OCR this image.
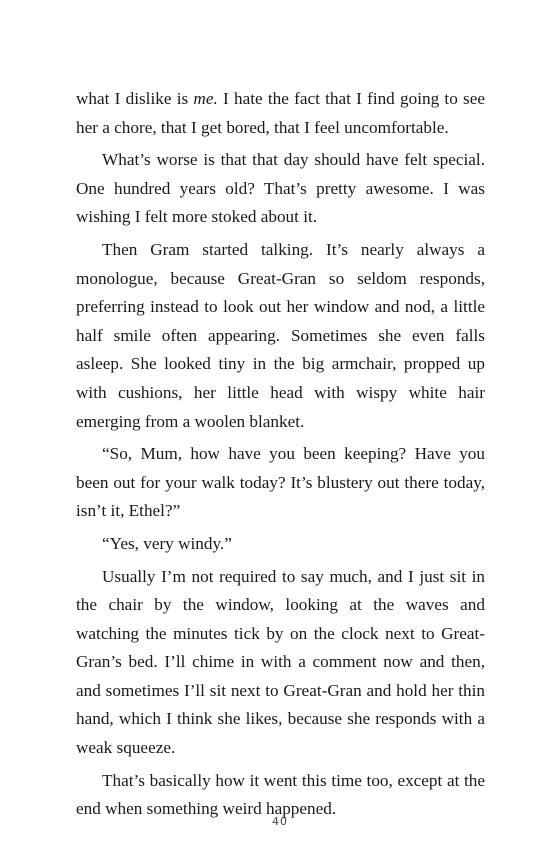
what I dislike is me. I hate the fact that I find going to see her a chore, that I get bored, that I feel uncomfortable.

What’s worse is that that day should have felt special. One hundred years old? That’s pretty awesome. I was wishing I felt more stoked about it.

Then Gram started talking. It’s nearly always a monologue, because Great-Gran so seldom responds, preferring instead to look out her window and nod, a little half smile often appearing. Sometimes she even falls asleep. She looked tiny in the big armchair, propped up with cushions, her little head with wispy white hair emerging from a woolen blanket.

“So, Mum, how have you been keeping? Have you been out for your walk today? It’s blustery out there today, isn’t it, Ethel?”

“Yes, very windy.”

Usually I’m not required to say much, and I just sit in the chair by the window, looking at the waves and watching the minutes tick by on the clock next to Great-Gran’s bed. I’ll chime in with a comment now and then, and sometimes I’ll sit next to Great-Gran and hold her thin hand, which I think she likes, because she responds with a weak squeeze.

That’s basically how it went this time too, except at the end when something weird happened.

40
